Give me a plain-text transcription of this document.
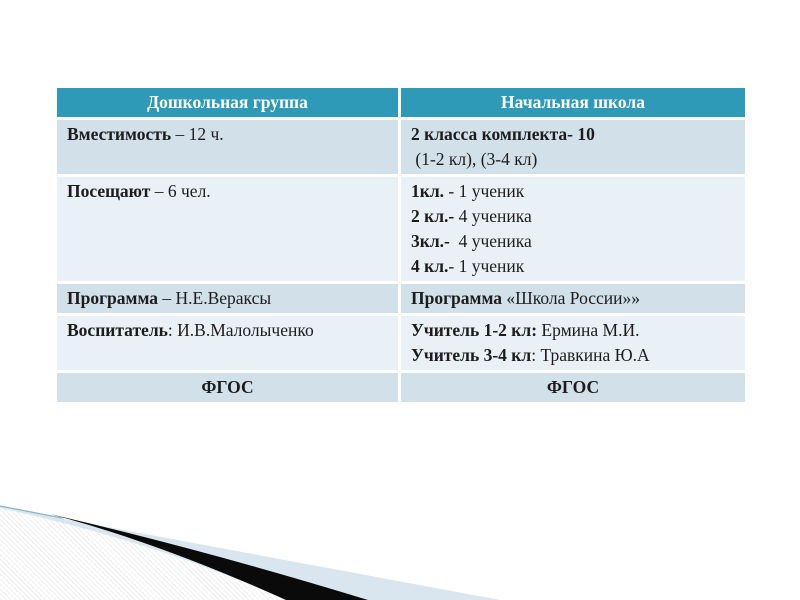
Дошкольная группа	Начальная школа
Вместимость – 12 ч.	2 класса комплекта- 10
(1-2 кл), (3-4 кл)
Посещают – 6 чел.	1кл. - 1 ученик
2 кл.- 4 ученика
3кл.-  4 ученика
4 кл.- 1 ученик
Программа – Н.Е.Вераксы	Программа «Школа России»»
Воспитатель: И.В.Малолыченко	Учитель 1-2 кл: Ермина М.И.
Учитель 3-4 кл: Травкина Ю.А
ФГОС	ФГОС
